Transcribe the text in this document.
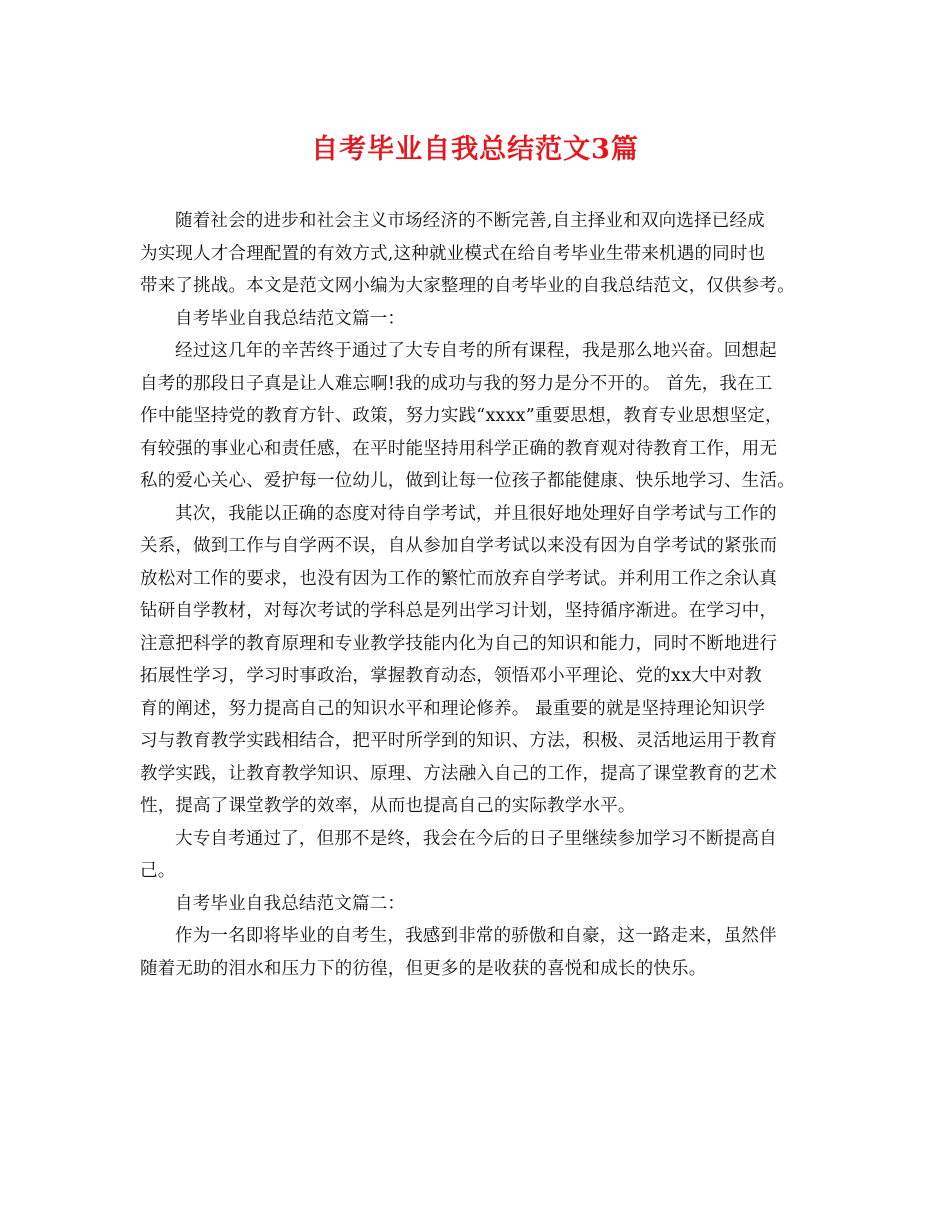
自考毕业自我总结范文3篇
随着社会的进步和社会主义市场经济的不断完善,自主择业和双向选择已经成
为实现人才合理配置的有效方式,这种就业模式在给自考毕业生带来机遇的同时也
带来了挑战。本文是范文网小编为大家整理的自考毕业的自我总结范文，仅供参考。
自考毕业自我总结范文篇一：
经过这几年的辛苦终于通过了大专自考的所有课程，我是那么地兴奋。回想起
自考的那段日子真是让人难忘啊!我的成功与我的努力是分不开的。 首先，我在工
作中能坚持党的教育方针、政策，努力实践“xxxx”重要思想，教育专业思想坚定，
有较强的事业心和责任感，在平时能坚持用科学正确的教育观对待教育工作，用无
私的爱心关心、爱护每一位幼儿，做到让每一位孩子都能健康、快乐地学习、生活。
其次，我能以正确的态度对待自学考试，并且很好地处理好自学考试与工作的
关系，做到工作与自学两不误，自从参加自学考试以来没有因为自学考试的紧张而
放松对工作的要求，也没有因为工作的繁忙而放弃自学考试。并利用工作之余认真
钻研自学教材，对每次考试的学科总是列出学习计划，坚持循序渐进。在学习中，
注意把科学的教育原理和专业教学技能内化为自己的知识和能力，同时不断地进行
拓展性学习，学习时事政治，掌握教育动态，领悟邓小平理论、党的xx大中对教
育的阐述，努力提高自己的知识水平和理论修养。 最重要的就是坚持理论知识学
习与教育教学实践相结合，把平时所学到的知识、方法，积极、灵活地运用于教育
教学实践，让教育教学知识、原理、方法融入自己的工作，提高了课堂教育的艺术
性，提高了课堂教学的效率，从而也提高自己的实际教学水平。
大专自考通过了，但那不是终，我会在今后的日子里继续参加学习不断提高自
己。
自考毕业自我总结范文篇二：
作为一名即将毕业的自考生，我感到非常的骄傲和自豪，这一路走来，虽然伴
随着无助的泪水和压力下的彷徨，但更多的是收获的喜悦和成长的快乐。
